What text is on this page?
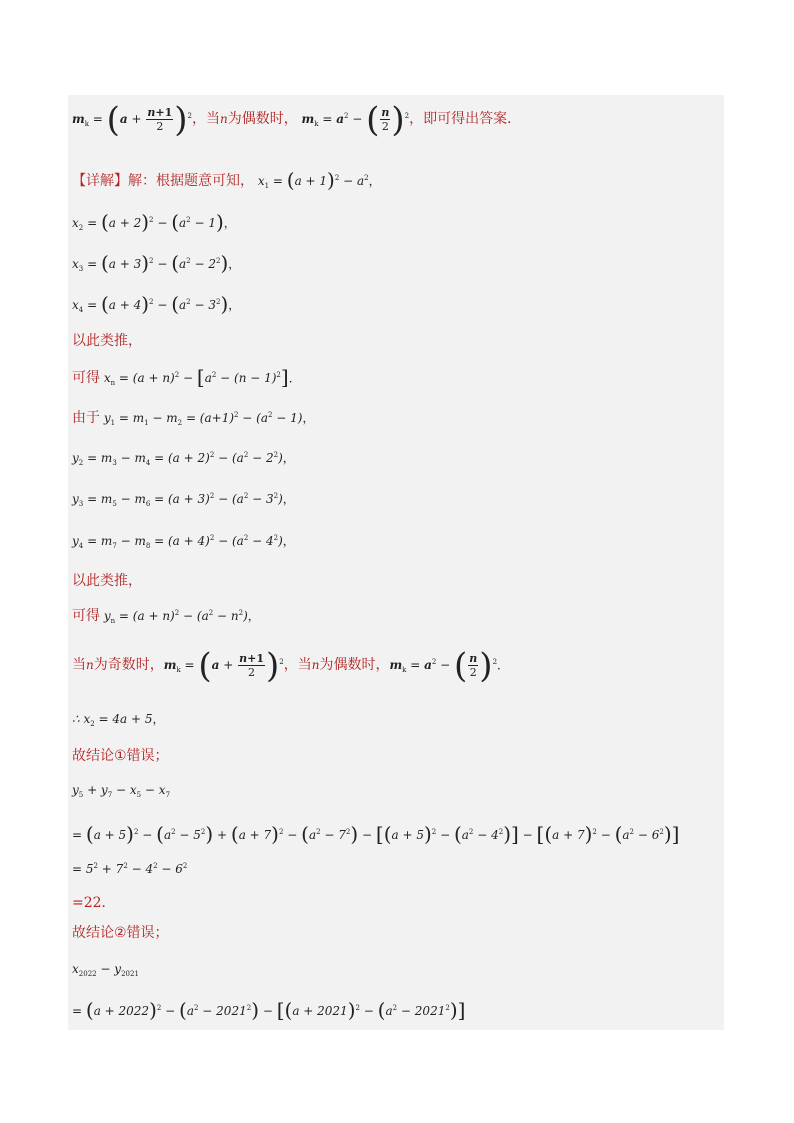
$m_k = (a + \frac{n+1}{2} )^2$，当n为偶数时， $m_k = a^2$ − ( $\frac{n}{2} )^2$，即可得出答案．
【详解】解：根据题意可知， $x_1 = (a + 1)^2 - a^2$，
$x_2 = (a + 2)^2 - (a^2 - 1)$，
$x_3 = (a + 3)^2 - (a^2 - 2^2)$，
$x_4 = (a + 4)^2 - (a^2 - 3^2)$，
以此类推，
可得 $x_n = (a + n)^2 - [a^2 - (n - 1)^2]$．
由于 $y_1 = m_1 - m_2 = (a+1)^2 - (a^2 - 1)$，
$y_2 = m_3 - m_4 = (a + 2)^2 - (a^2 - 2^2)$，
$y_3 = m_5 - m_6 = (a + 3)^2 - (a^2 - 3^2)$，
$y_4 = m_7 - m_8 = (a + 4)^2 - (a^2 - 4^2)$，
以此类推，
可得 $y_n = (a + n)^2 - (a^2 - n^2)$，
当n为奇数时，$m_k = (a + \frac{n+1}{2} )^2$，当n为偶数时，$m_k = a^2$ − ( $\frac{n}{2} )^2$．
∴ $x_2 = 4a + 5$，
故结论①错误；
$y_5 + y_7 - x_5 - x_7$
= $(a + 5)^2 - (a^2 - 5^2) + (a + 7)^2 - (a^2 - 7^2) - [(a + 5)^2 - (a^2 - 4^2)] - [(a + 7)^2 - (a^2 - 6^2)]$
= $5^2 + 7^2 - 4^2 - 6^2$
=22．
故结论②错误；
$x_{2022} - y_{2021}$
= $(a + 2022)^2 - (a^2 - 2021^2) - [(a + 2021)^2 - (a^2 - 2021^2)]$
